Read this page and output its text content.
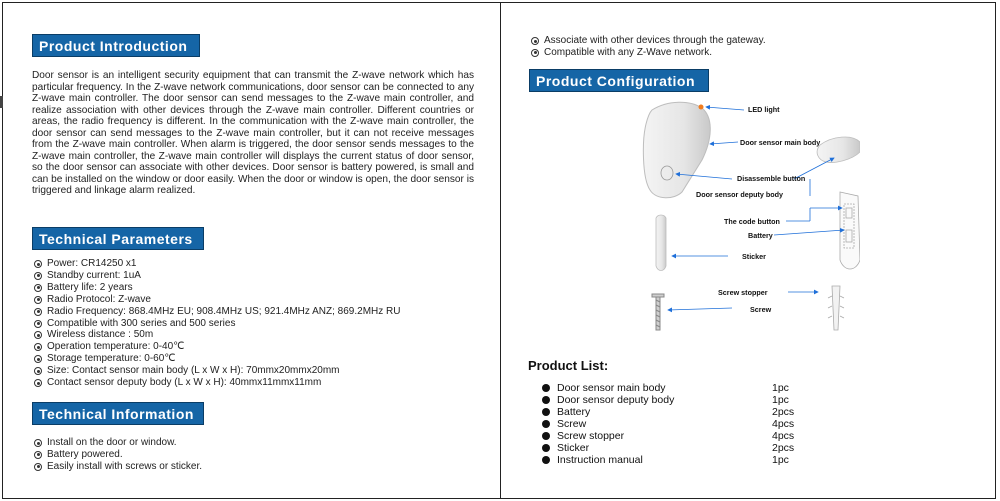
Product Introduction
Door sensor is an intelligent security equipment that can transmit the Z-wave network which has particular frequency. In the Z-wave network communications, door sensor can be connected to any Z-wave main controller. The door sensor can send messages to the Z-wave main controller, and realize association with other devices through the Z-wave main controller. Different countries or areas, the radio frequency is different. In the communication with the Z-wave main controller, the door sensor can send messages to the Z-wave main controller, but it can not receive messages from the Z-wave main controller. When alarm is triggered, the door sensor sends messages to the Z-wave main controller, the Z-wave main controller will displays the current status of door sensor, so the door sensor can associate with other devices. Door sensor is battery powered, is small and can be installed on the window or door easily. When the door or window is open, the door sensor is triggered and linkage alarm realized.
Technical Parameters
Power: CR14250 x1
Standby current: 1uA
Battery life: 2 years
Radio Protocol: Z-wave
Radio Frequency: 868.4MHz EU; 908.4MHz US; 921.4MHz ANZ; 869.2MHz RU
Compatible with 300 series and 500 series
Wireless distance : 50m
Operation temperature: 0-40℃
Storage temperature: 0-60℃
Size: Contact sensor main body (L x W x H): 70mmx20mmx20mm
Contact sensor deputy body (L x W x H): 40mmx11mmx11mm
Technical Information
Install on the door or window.
Battery powered.
Easily install with screws or sticker.
Associate with other devices through the gateway.
Compatible with any Z-Wave network.
Product Configuration
LED light
Door sensor main body
Disassemble button
Door sensor deputy body
The code button
Battery
Sticker
Screw stopper
Screw
Product List:
Door sensor main body	1pc
Door sensor deputy body	1pc
Battery	2pcs
Screw	4pcs
Screw stopper	4pcs
Sticker	2pcs
Instruction manual	1pc
